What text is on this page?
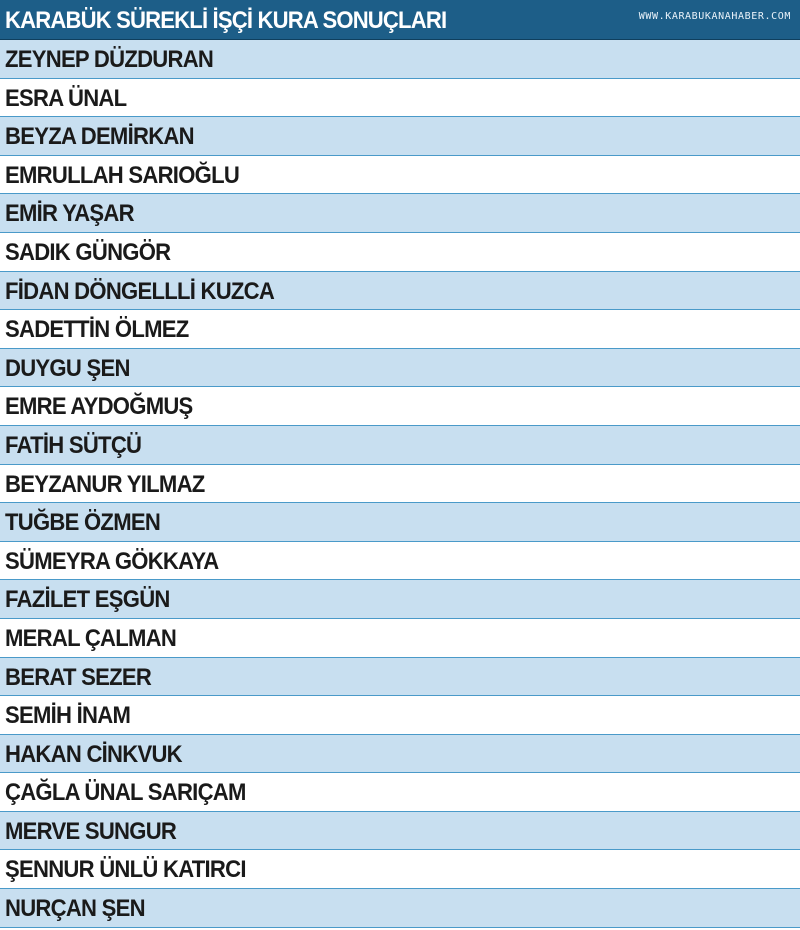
KARABÜK SÜREKLİ İŞÇİ KURA SONUÇLARI	WWW.KARABUKANAHABER.COM
ZEYNEP DÜZDURAN
ESRA ÜNAL
BEYZA DEMİRKAN
EMRULLAH SARIOĞLU
EMİR YAŞAR
SADIK GÜNGÖR
FİDAN DÖNGELLLİ KUZCA
SADETTİN ÖLMEZ
DUYGU ŞEN
EMRE AYDOĞMUŞ
FATİH SÜTÇÜ
BEYZANUR YILMAZ
TUĞBE ÖZMEN
SÜMEYRA GÖKKAYA
FAZİLET EŞGÜN
MERAL ÇALMAN
BERAT SEZER
SEMİH İNAM
HAKAN CİNKVUK
ÇAĞLA ÜNAL SARIÇAM
MERVE SUNGUR
ŞENNUR ÜNLÜ KATIRCI
NURÇAN ŞEN
